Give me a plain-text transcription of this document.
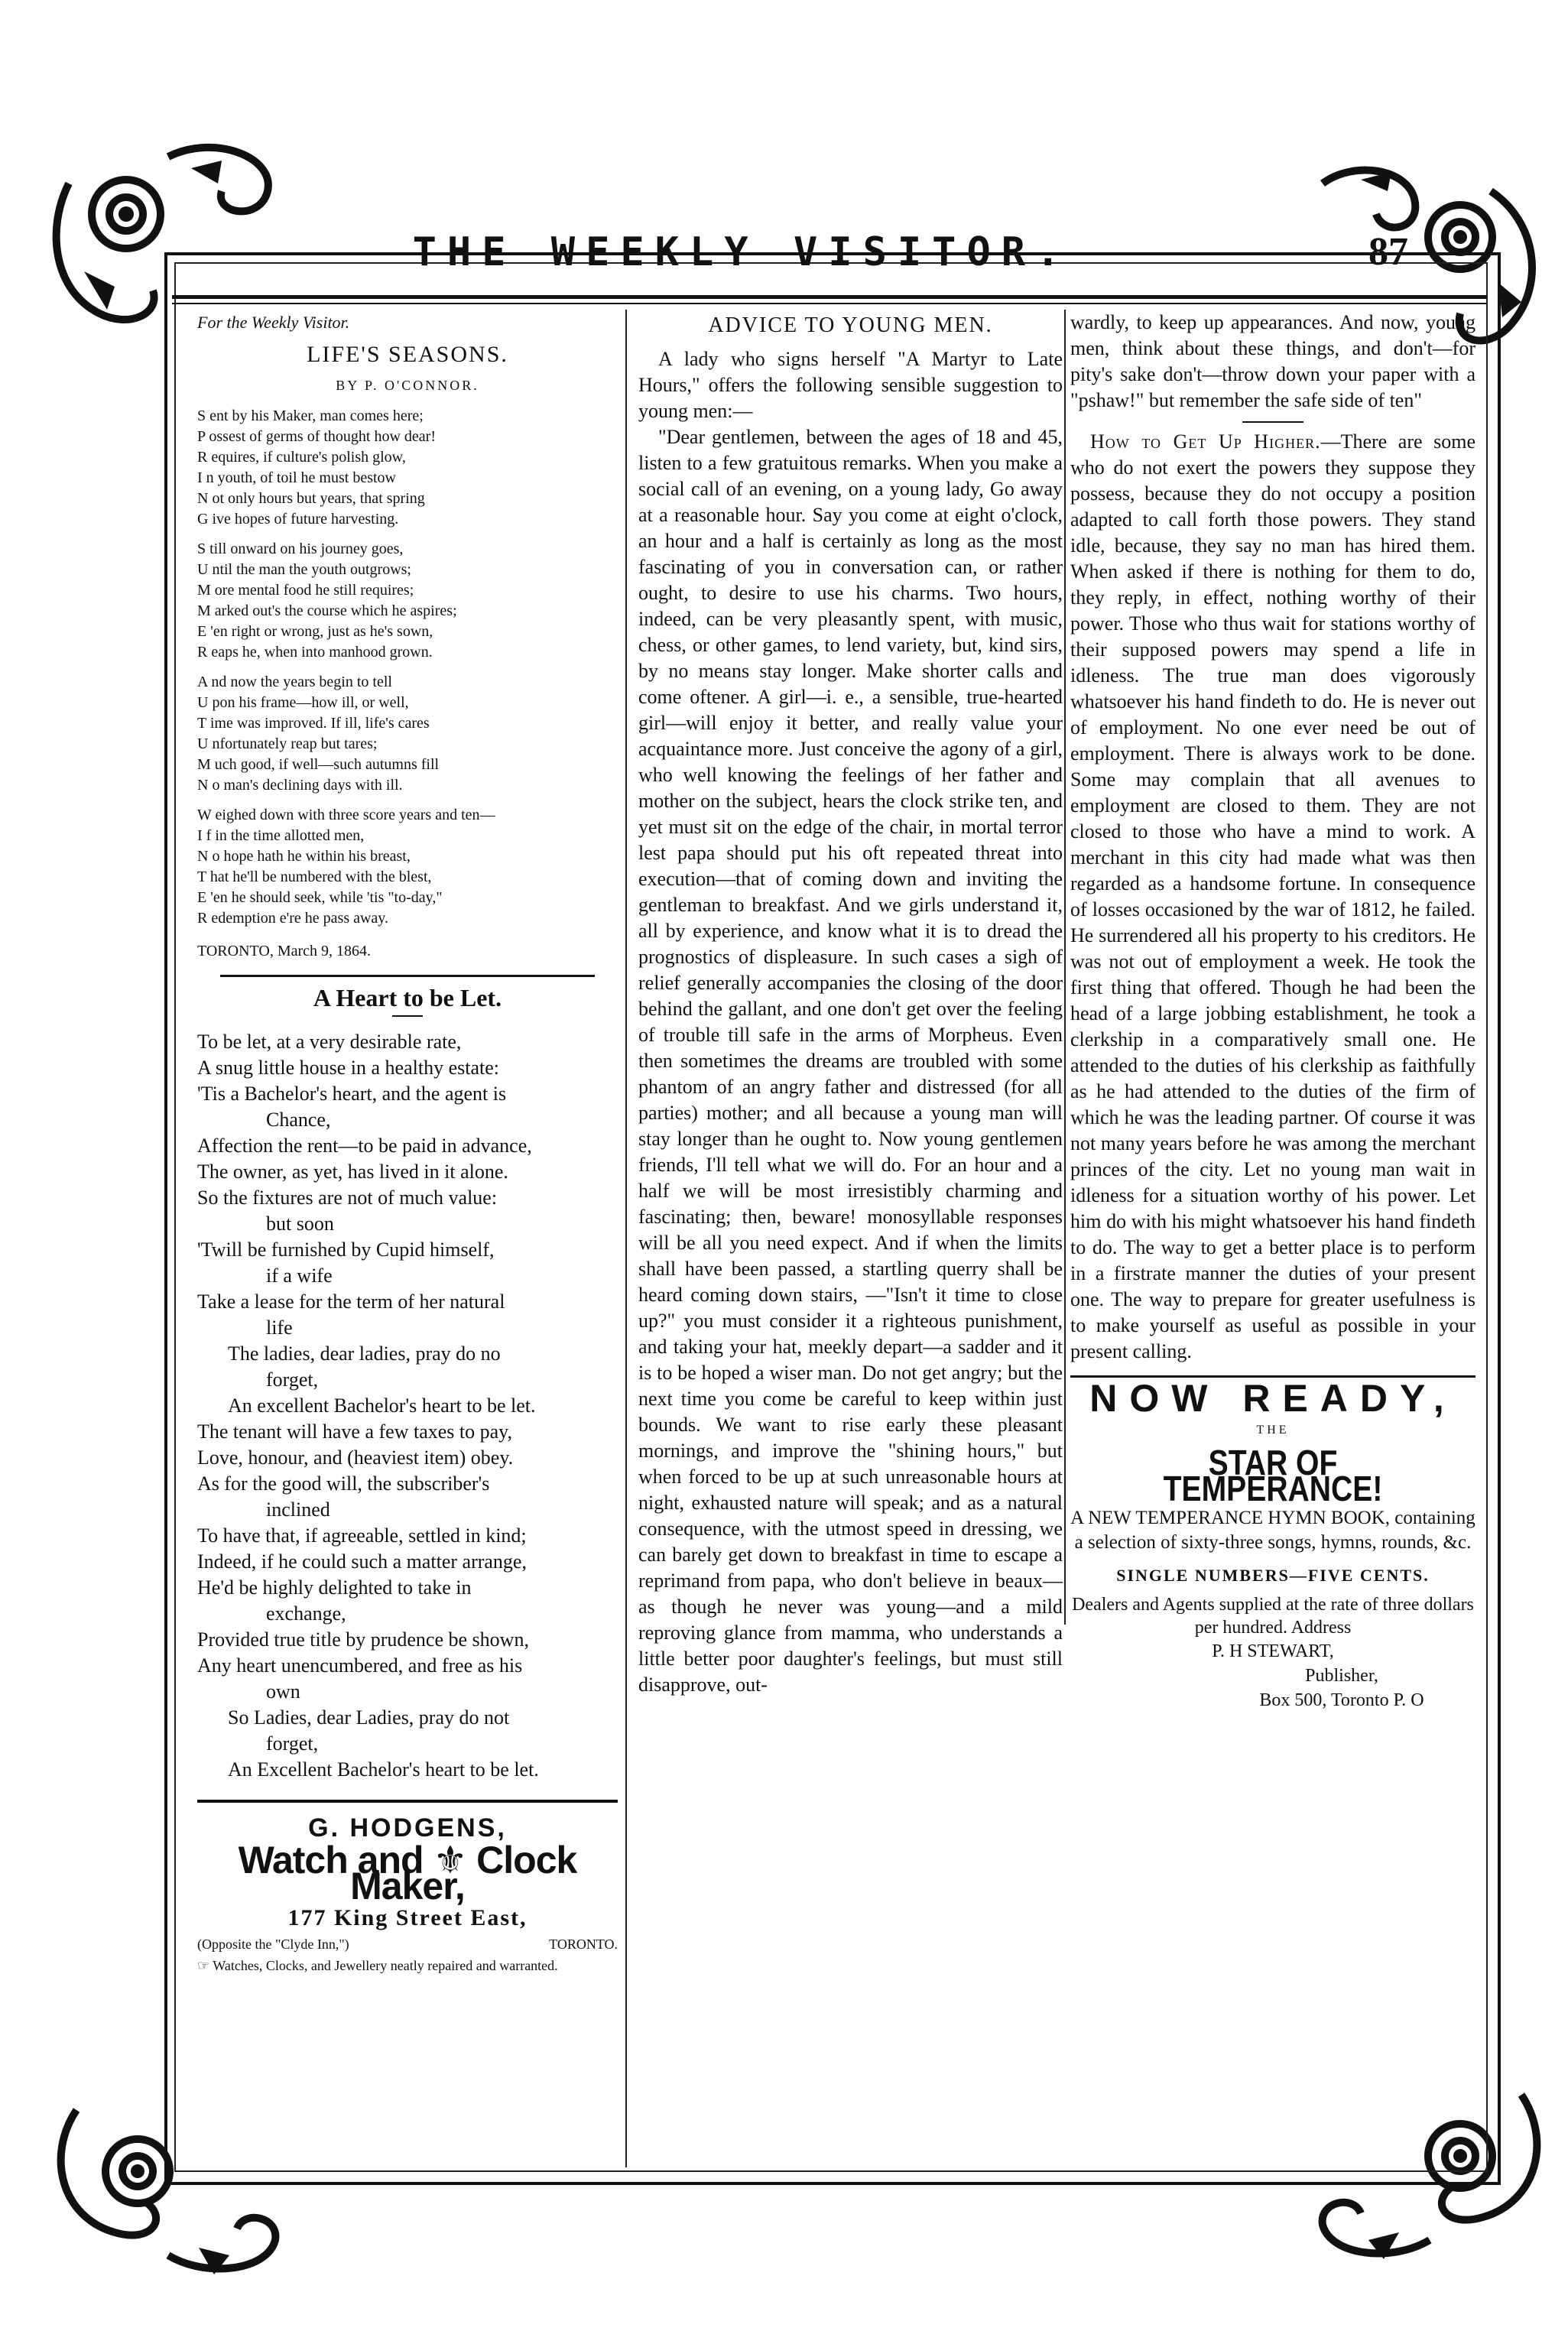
THE WEEKLY VISITOR.	87
For the Weekly Visitor.
LIFE'S SEASONS.
BY P. O'CONNOR.
S ent by his Maker, man comes here;
P ossest of germs of thought how dear!
R equires, if culture's polish glow,
I n youth, of toil he must bestow
N ot only hours but years, that spring
G ive hopes of future harvesting.
S till onward on his journey goes,
U ntil the man the youth outgrows;
M ore mental food he still requires;
M arked out's the course which he aspires;
E 'en right or wrong, just as he's sown,
R eaps he, when into manhood grown.
A nd now the years begin to tell
U pon his frame—how ill, or well,
T ime was improved. If ill, life's cares
U nfortunately reap but tares;
M uch good, if well—such autumns fill
N o man's declining days with ill.
W eighed down with three score years and ten—
I f in the time allotted men,
N o hope hath he within his breast,
T hat he'll be numbered with the blest,
E 'en he should seek, while 'tis "to-day,"
R edemption e're he pass away.
TORONTO, March 9, 1864.
A Heart to be Let.

To be let, at a very desirable rate,

A snug little house in a healthy estate:

'Tis a Bachelor's heart, and the agent is

Chance,

Affection the rent—to be paid in advance,

The owner, as yet, has lived in it alone.

So the fixtures are not of much value:

but soon

'Twill be furnished by Cupid himself,

if a wife

Take a lease for the term of her natural

life

The ladies, dear ladies, pray do no

forget,

An excellent Bachelor's heart to be let.

The tenant will have a few taxes to pay,

Love, honour, and (heaviest item) obey.

As for the good will, the subscriber's

inclined

To have that, if agreeable, settled in kind;

Indeed, if he could such a matter arrange,

He'd be highly delighted to take in

exchange,

Provided true title by prudence be shown,

Any heart unencumbered, and free as his

own

So Ladies, dear Ladies, pray do not

forget,

An Excellent Bachelor's heart to be let.

G. HODGENS,
Watch and ⚜ Clock Maker,
177 King Street East,
(Opposite the "Clyde Inn,")	TORONTO.
☞ Watches, Clocks, and Jewellery neatly repaired and warranted.
ADVICE TO YOUNG MEN.

A lady who signs herself "A Martyr to Late Hours," offers the following sensible suggestion to young men:—

"Dear gentlemen, between the ages of 18 and 45, listen to a few gratuitous remarks. When you make a social call of an evening, on a young lady, Go away at a reasonable hour. Say you come at eight o'clock, an hour and a half is certainly as long as the most fascinating of you in conversation can, or rather ought, to desire to use his charms. Two hours, indeed, can be very pleasantly spent, with music, chess, or other games, to lend variety, but, kind sirs, by no means stay longer. Make shorter calls and come oftener. A girl—i. e., a sensible, true-hearted girl—will enjoy it better, and really value your acquaintance more. Just conceive the agony of a girl, who well knowing the feelings of her father and mother on the subject, hears the clock strike ten, and yet must sit on the edge of the chair, in mortal terror lest papa should put his oft repeated threat into execution—that of coming down and inviting the gentleman to breakfast. And we girls understand it, all by experience, and know what it is to dread the prognostics of displeasure. In such cases a sigh of relief generally accompanies the closing of the door behind the gallant, and one don't get over the feeling of trouble till safe in the arms of Morpheus. Even then sometimes the dreams are troubled with some phantom of an angry father and distressed (for all parties) mother; and all because a young man will stay longer than he ought to. Now young gentlemen friends, I'll tell what we will do. For an hour and a half we will be most irresistibly charming and fascinating; then, beware! monosyllable responses will be all you need expect. And if when the limits shall have been passed, a startling querry shall be heard coming down stairs, —"Isn't it time to close up?" you must consider it a righteous punishment, and taking your hat, meekly depart—a sadder and it is to be hoped a wiser man. Do not get angry; but the next time you come be careful to keep within just bounds. We want to rise early these pleasant mornings, and improve the "shining hours," but when forced to be up at such unreasonable hours at night, exhausted nature will speak; and as a natural consequence, with the utmost speed in dressing, we can barely get down to breakfast in time to escape a reprimand from papa, who don't believe in beaux—as though he never was young—and a mild reproving glance from mamma, who understands a little better poor daughter's feelings, but must still disapprove, out-

wardly, to keep up appearances. And now, young men, think about these things, and don't—for pity's sake don't—throw down your paper with a "pshaw!" but remember the safe side of ten"

How to Get Up Higher.—There are some who do not exert the powers they suppose they possess, because they do not occupy a position adapted to call forth those powers. They stand idle, because, they say no man has hired them. When asked if there is nothing for them to do, they reply, in effect, nothing worthy of their power. Those who thus wait for stations worthy of their supposed powers may spend a life in idleness. The true man does vigorously whatsoever his hand findeth to do. He is never out of employment. No one ever need be out of employment. There is always work to be done. Some may complain that all avenues to employment are closed to them. They are not closed to those who have a mind to work. A merchant in this city had made what was then regarded as a handsome fortune. In consequence of losses occasioned by the war of 1812, he failed. He surrendered all his property to his creditors. He was not out of employment a week. He took the first thing that offered. Though he had been the head of a large jobbing establishment, he took a clerkship in a comparatively small one. He attended to the duties of his clerkship as faithfully as he had attended to the duties of the firm of which he was the leading partner. Of course it was not many years before he was among the merchant princes of the city. Let no young man wait in idleness for a situation worthy of his power. Let him do with his might whatsoever his hand findeth to do. The way to get a better place is to perform in a firstrate manner the duties of your present one. The way to prepare for greater usefulness is to make yourself as useful as possible in your present calling.

NOW READY,
THE
STAR OF TEMPERANCE!
A NEW TEMPERANCE HYMN BOOK, containing a selection of sixty-three songs, hymns, rounds, &c.
SINGLE NUMBERS—FIVE CENTS.
Dealers and Agents supplied at the rate of three dollars per hundred. Address
P. H STEWART,
Publisher,
Box 500, Toronto P. O
